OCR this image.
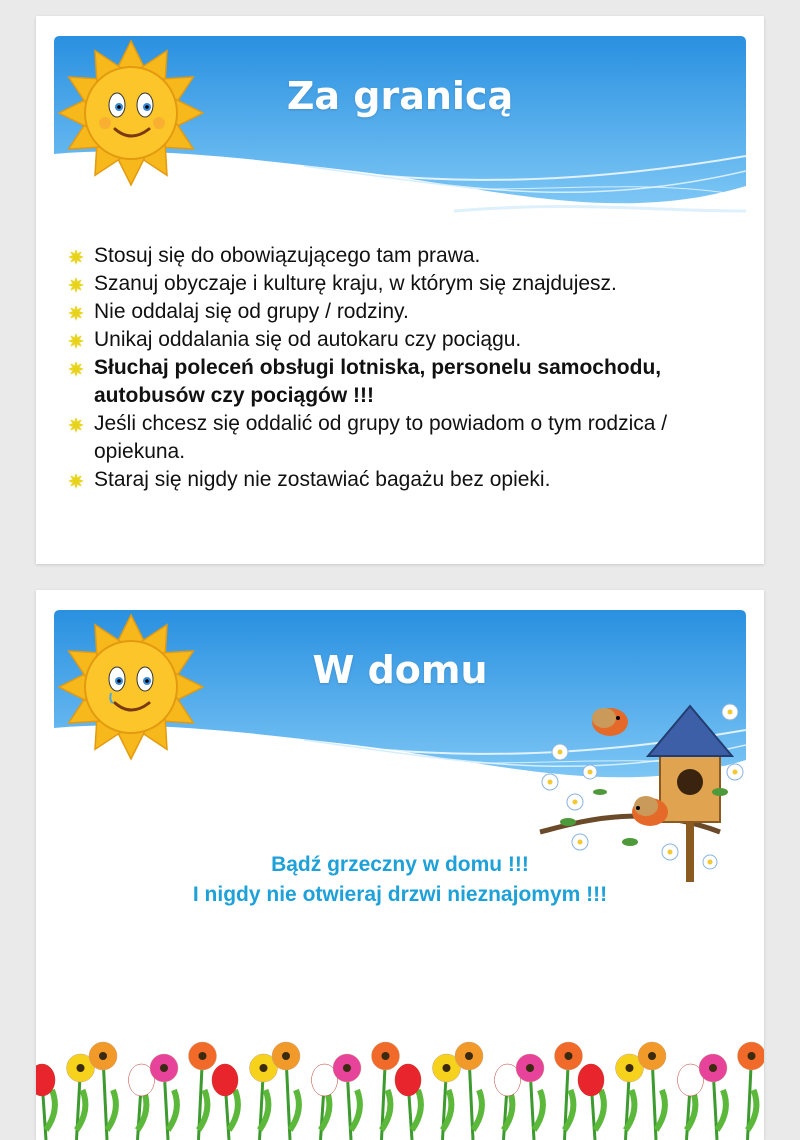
Za granicą
Stosuj się do obowiązującego tam prawa.
Szanuj obyczaje i kulturę kraju, w którym się znajdujesz.
Nie oddalaj się od grupy / rodziny.
Unikaj oddalania się od autokaru czy pociągu.
Słuchaj poleceń obsługi lotniska, personelu samochodu, autobusów czy pociągów !!!
Jeśli chcesz się oddalić od grupy to powiadom o tym rodzica / opiekuna.
Staraj się nigdy nie zostawiać bagażu bez opieki.
W domu
Bądź grzeczny w domu !!!
I nigdy nie otwieraj drzwi nieznajomym !!!
